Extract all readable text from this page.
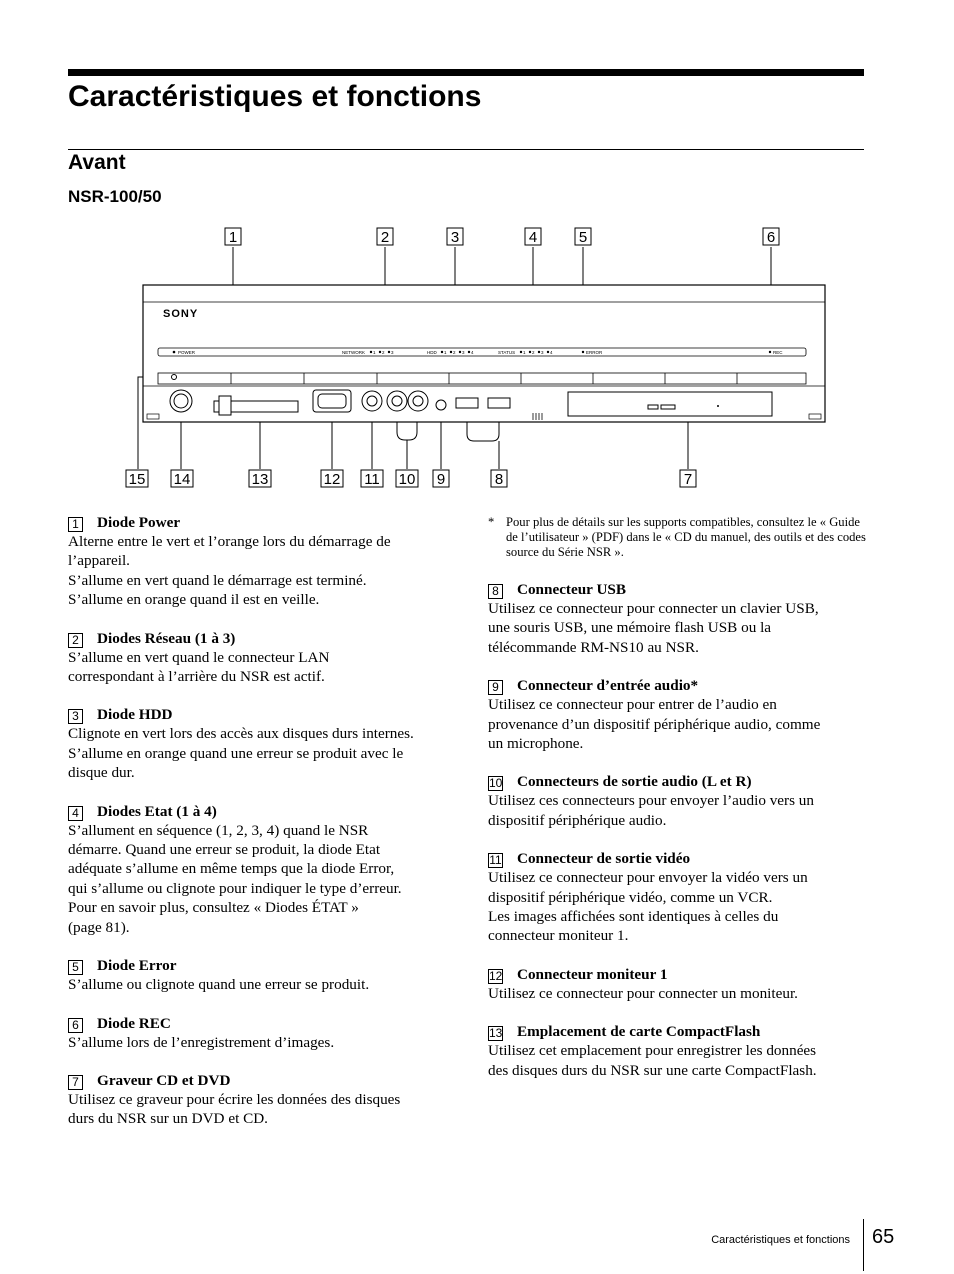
Caractéristiques et fonctions
Avant
NSR-100/50
SONY
POWER	NETWORK 1 2 3	HDD 1 2 3 4	STATUS 1 2 3 4	ERROR	REC
1	2	3	4	5	6
15 14	13	12 11 10 9	8	7
1 Diode Power
Alterne entre le vert et l’orange lors du démarrage de
l’appareil.
S’allume en vert quand le démarrage est terminé.
S’allume en orange quand il est en veille.
2 Diodes Réseau (1 à 3)
S’allume en vert quand le connecteur LAN
correspondant à l’arrière du NSR est actif.
3 Diode HDD
Clignote en vert lors des accès aux disques durs internes.
S’allume en orange quand une erreur se produit avec le
disque dur.
4 Diodes Etat (1 à 4)
S’allument en séquence (1, 2, 3, 4) quand le NSR
démarre. Quand une erreur se produit, la diode Etat
adéquate s’allume en même temps que la diode Error,
qui s’allume ou clignote pour indiquer le type d’erreur.
Pour en savoir plus, consultez « Diodes ÉTAT »
(page 81).
5 Diode Error
S’allume ou clignote quand une erreur se produit.
6 Diode REC
S’allume lors de l’enregistrement d’images.
7 Graveur CD et DVD
Utilisez ce graveur pour écrire les données des disques
durs du NSR sur un DVD et CD.
* Pour plus de détails sur les supports compatibles, consultez le « Guide de l’utilisateur » (PDF) dans le « CD du manuel, des outils et des codes source du Série NSR ».
8 Connecteur USB
Utilisez ce connecteur pour connecter un clavier USB,
une souris USB, une mémoire flash USB ou la
télécommande RM-NS10 au NSR.
9 Connecteur d’entrée audio*
Utilisez ce connecteur pour entrer de l’audio en
provenance d’un dispositif périphérique audio, comme
un microphone.
10 Connecteurs de sortie audio (L et R)
Utilisez ces connecteurs pour envoyer l’audio vers un
dispositif périphérique audio.
11 Connecteur de sortie vidéo
Utilisez ce connecteur pour envoyer la vidéo vers un
dispositif périphérique vidéo, comme un VCR.
Les images affichées sont identiques à celles du
connecteur moniteur 1.
12 Connecteur moniteur 1
Utilisez ce connecteur pour connecter un moniteur.
13 Emplacement de carte CompactFlash
Utilisez cet emplacement pour enregistrer les données
des disques durs du NSR sur une carte CompactFlash.
Caractéristiques et fonctions 65
